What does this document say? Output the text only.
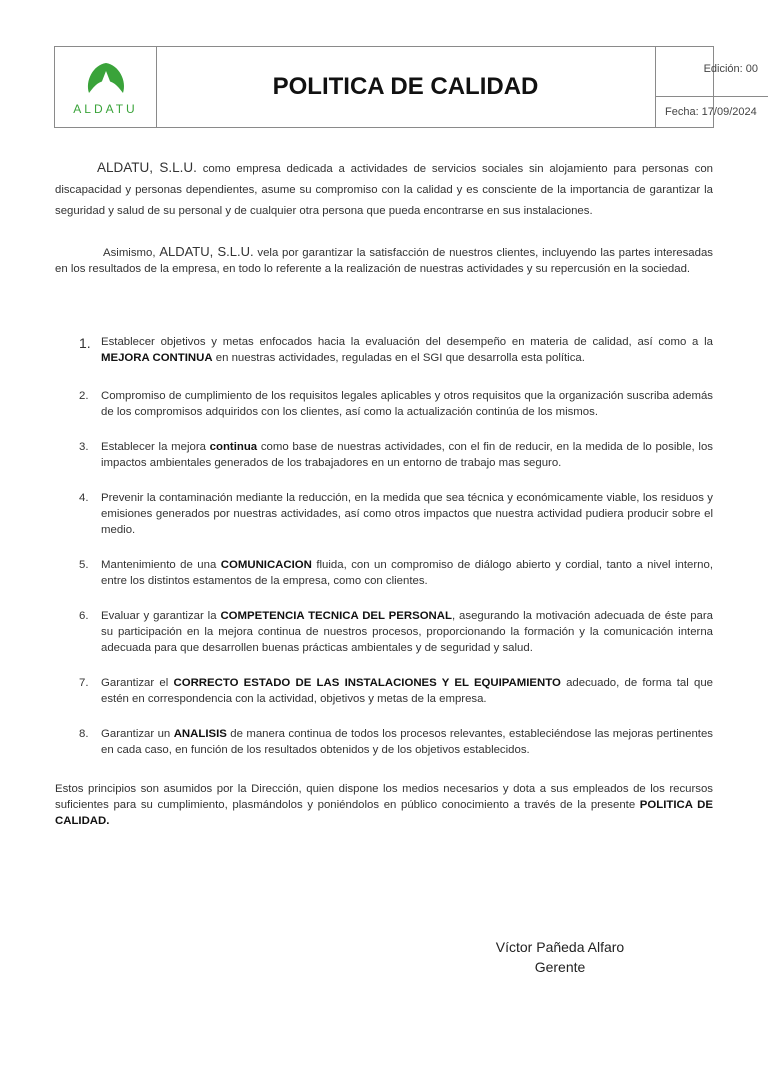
ALDATU
POLITICA DE CALIDAD
Edición: 00
Fecha: 17/09/2024
ALDATU, S.L.U. como empresa dedicada a actividades de servicios sociales sin alojamiento para personas con discapacidad y personas dependientes, asume su compromiso con la calidad y es consciente de la importancia de garantizar la seguridad y salud de su personal y de cualquier otra persona que pueda encontrarse en sus instalaciones.
Asimismo, ALDATU, S.L.U. vela por garantizar la satisfacción de nuestros clientes, incluyendo las partes interesadas en los resultados de la empresa, en todo lo referente a la realización de nuestras actividades y su repercusión en la sociedad.
1. Establecer objetivos y metas enfocados hacia la evaluación del desempeño en materia de calidad, así como a la MEJORA CONTINUA en nuestras actividades, reguladas en el SGI que desarrolla esta política.
2. Compromiso de cumplimiento de los requisitos legales aplicables y otros requisitos que la organización suscriba además de los compromisos adquiridos con los clientes, así como la actualización continúa de los mismos.
3. Establecer la mejora continua como base de nuestras actividades, con el fin de reducir, en la medida de lo posible, los impactos ambientales generados de los trabajadores en un entorno de trabajo mas seguro.
4. Prevenir la contaminación mediante la reducción, en la medida que sea técnica y económicamente viable, los residuos y emisiones generados por nuestras actividades, así como otros impactos que nuestra actividad pudiera producir sobre el medio.
5. Mantenimiento de una COMUNICACION fluida, con un compromiso de diálogo abierto y cordial, tanto a nivel interno, entre los distintos estamentos de la empresa, como con clientes.
6. Evaluar y garantizar la COMPETENCIA TECNICA DEL PERSONAL, asegurando la motivación adecuada de éste para su participación en la mejora continua de nuestros procesos, proporcionando la formación y la comunicación interna adecuada para que desarrollen buenas prácticas ambientales y de seguridad y salud.
7. Garantizar el CORRECTO ESTADO DE LAS INSTALACIONES Y EL EQUIPAMIENTO adecuado, de forma tal que estén en correspondencia con la actividad, objetivos y metas de la empresa.
8. Garantizar un ANALISIS de manera continua de todos los procesos relevantes, estableciéndose las mejoras pertinentes en cada caso, en función de los resultados obtenidos y de los objetivos establecidos.
Estos principios son asumidos por la Dirección, quien dispone los medios necesarios y dota a sus empleados de los recursos suficientes para su cumplimiento, plasmándolos y poniéndolos en público conocimiento a través de la presente POLITICA DE CALIDAD.
Víctor Pañeda Alfaro
Gerente
